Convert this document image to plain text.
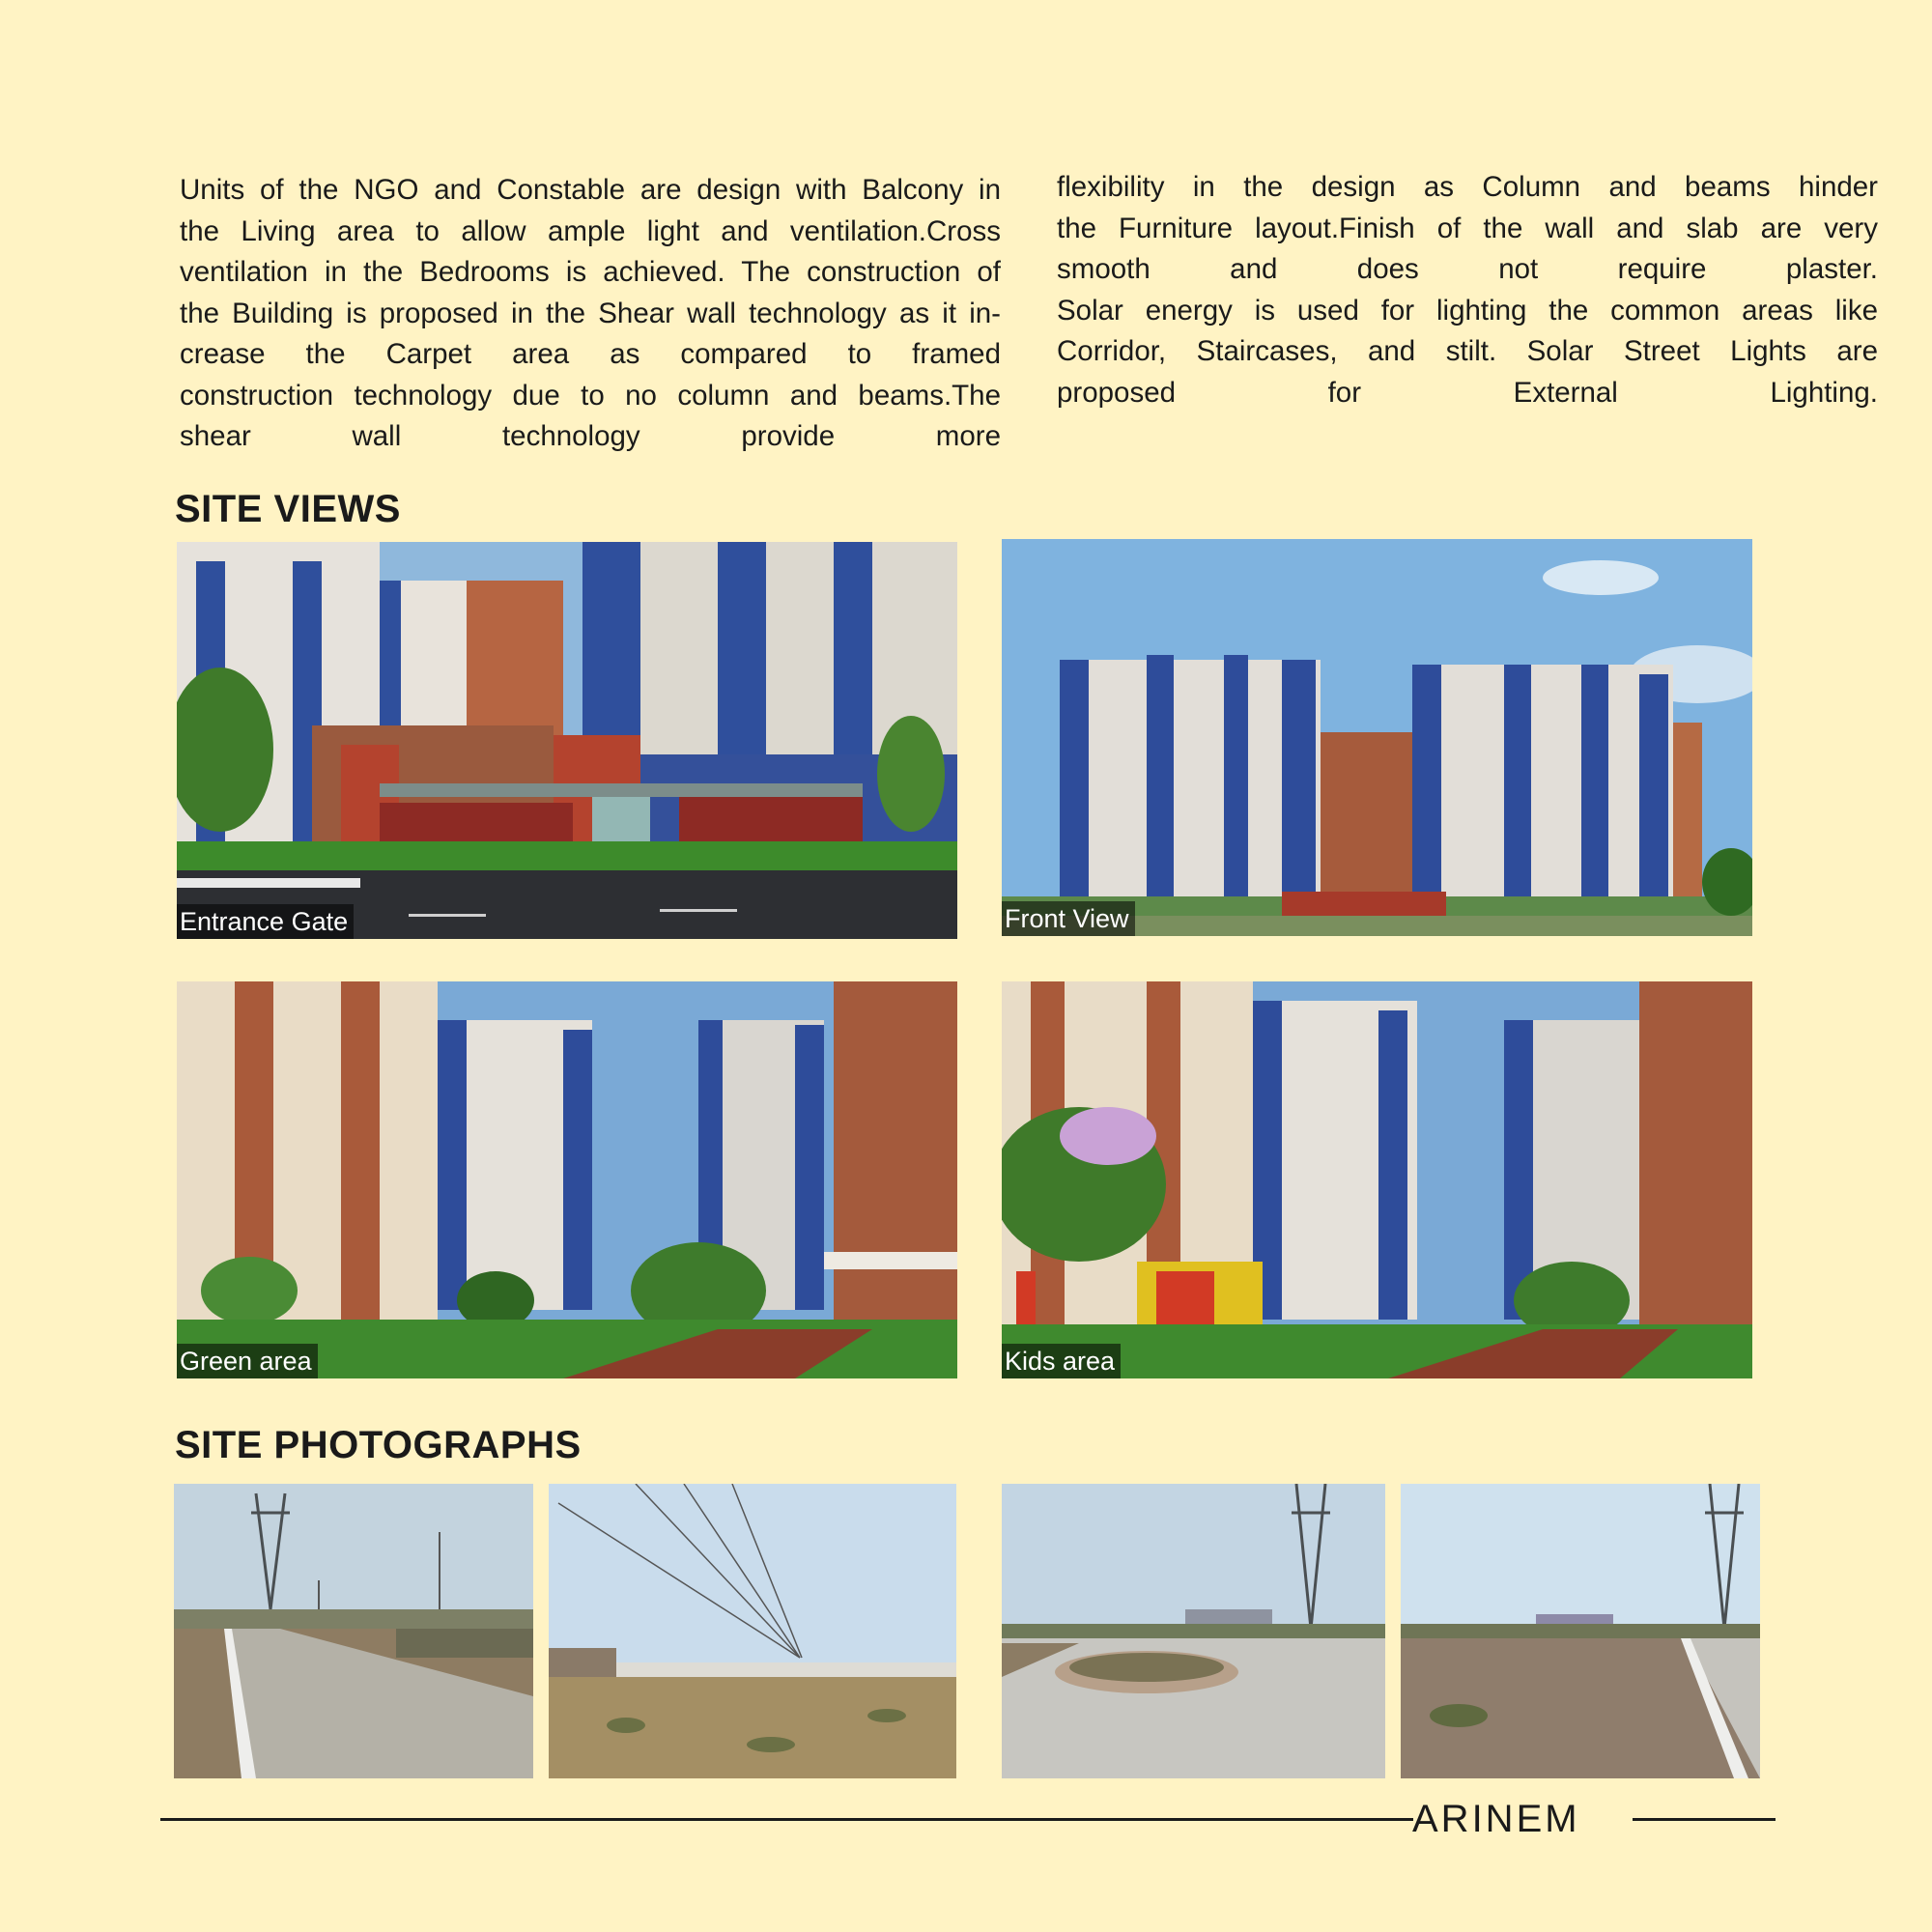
Units of the NGO and Constable are design with Balcony in
the Living area to allow ample light and ventilation.Cross
ventilation in the Bedrooms is achieved. The construction of
the Building is proposed in the Shear wall technology as it in-
crease the Carpet area as compared to framed
construction technology due to no column and beams.The
shear wall technology provide more
flexibility in the design as Column and beams hinder
the Furniture layout.Finish of the wall and slab are very
smooth and does not require plaster.
Solar energy is used for lighting the common areas like
Corridor, Staircases, and stilt. Solar Street Lights are
proposed for External Lighting.
SITE VIEWS
Entrance Gate	Front View
Green area	Kids area
SITE PHOTOGRAPHS
ARINEM
